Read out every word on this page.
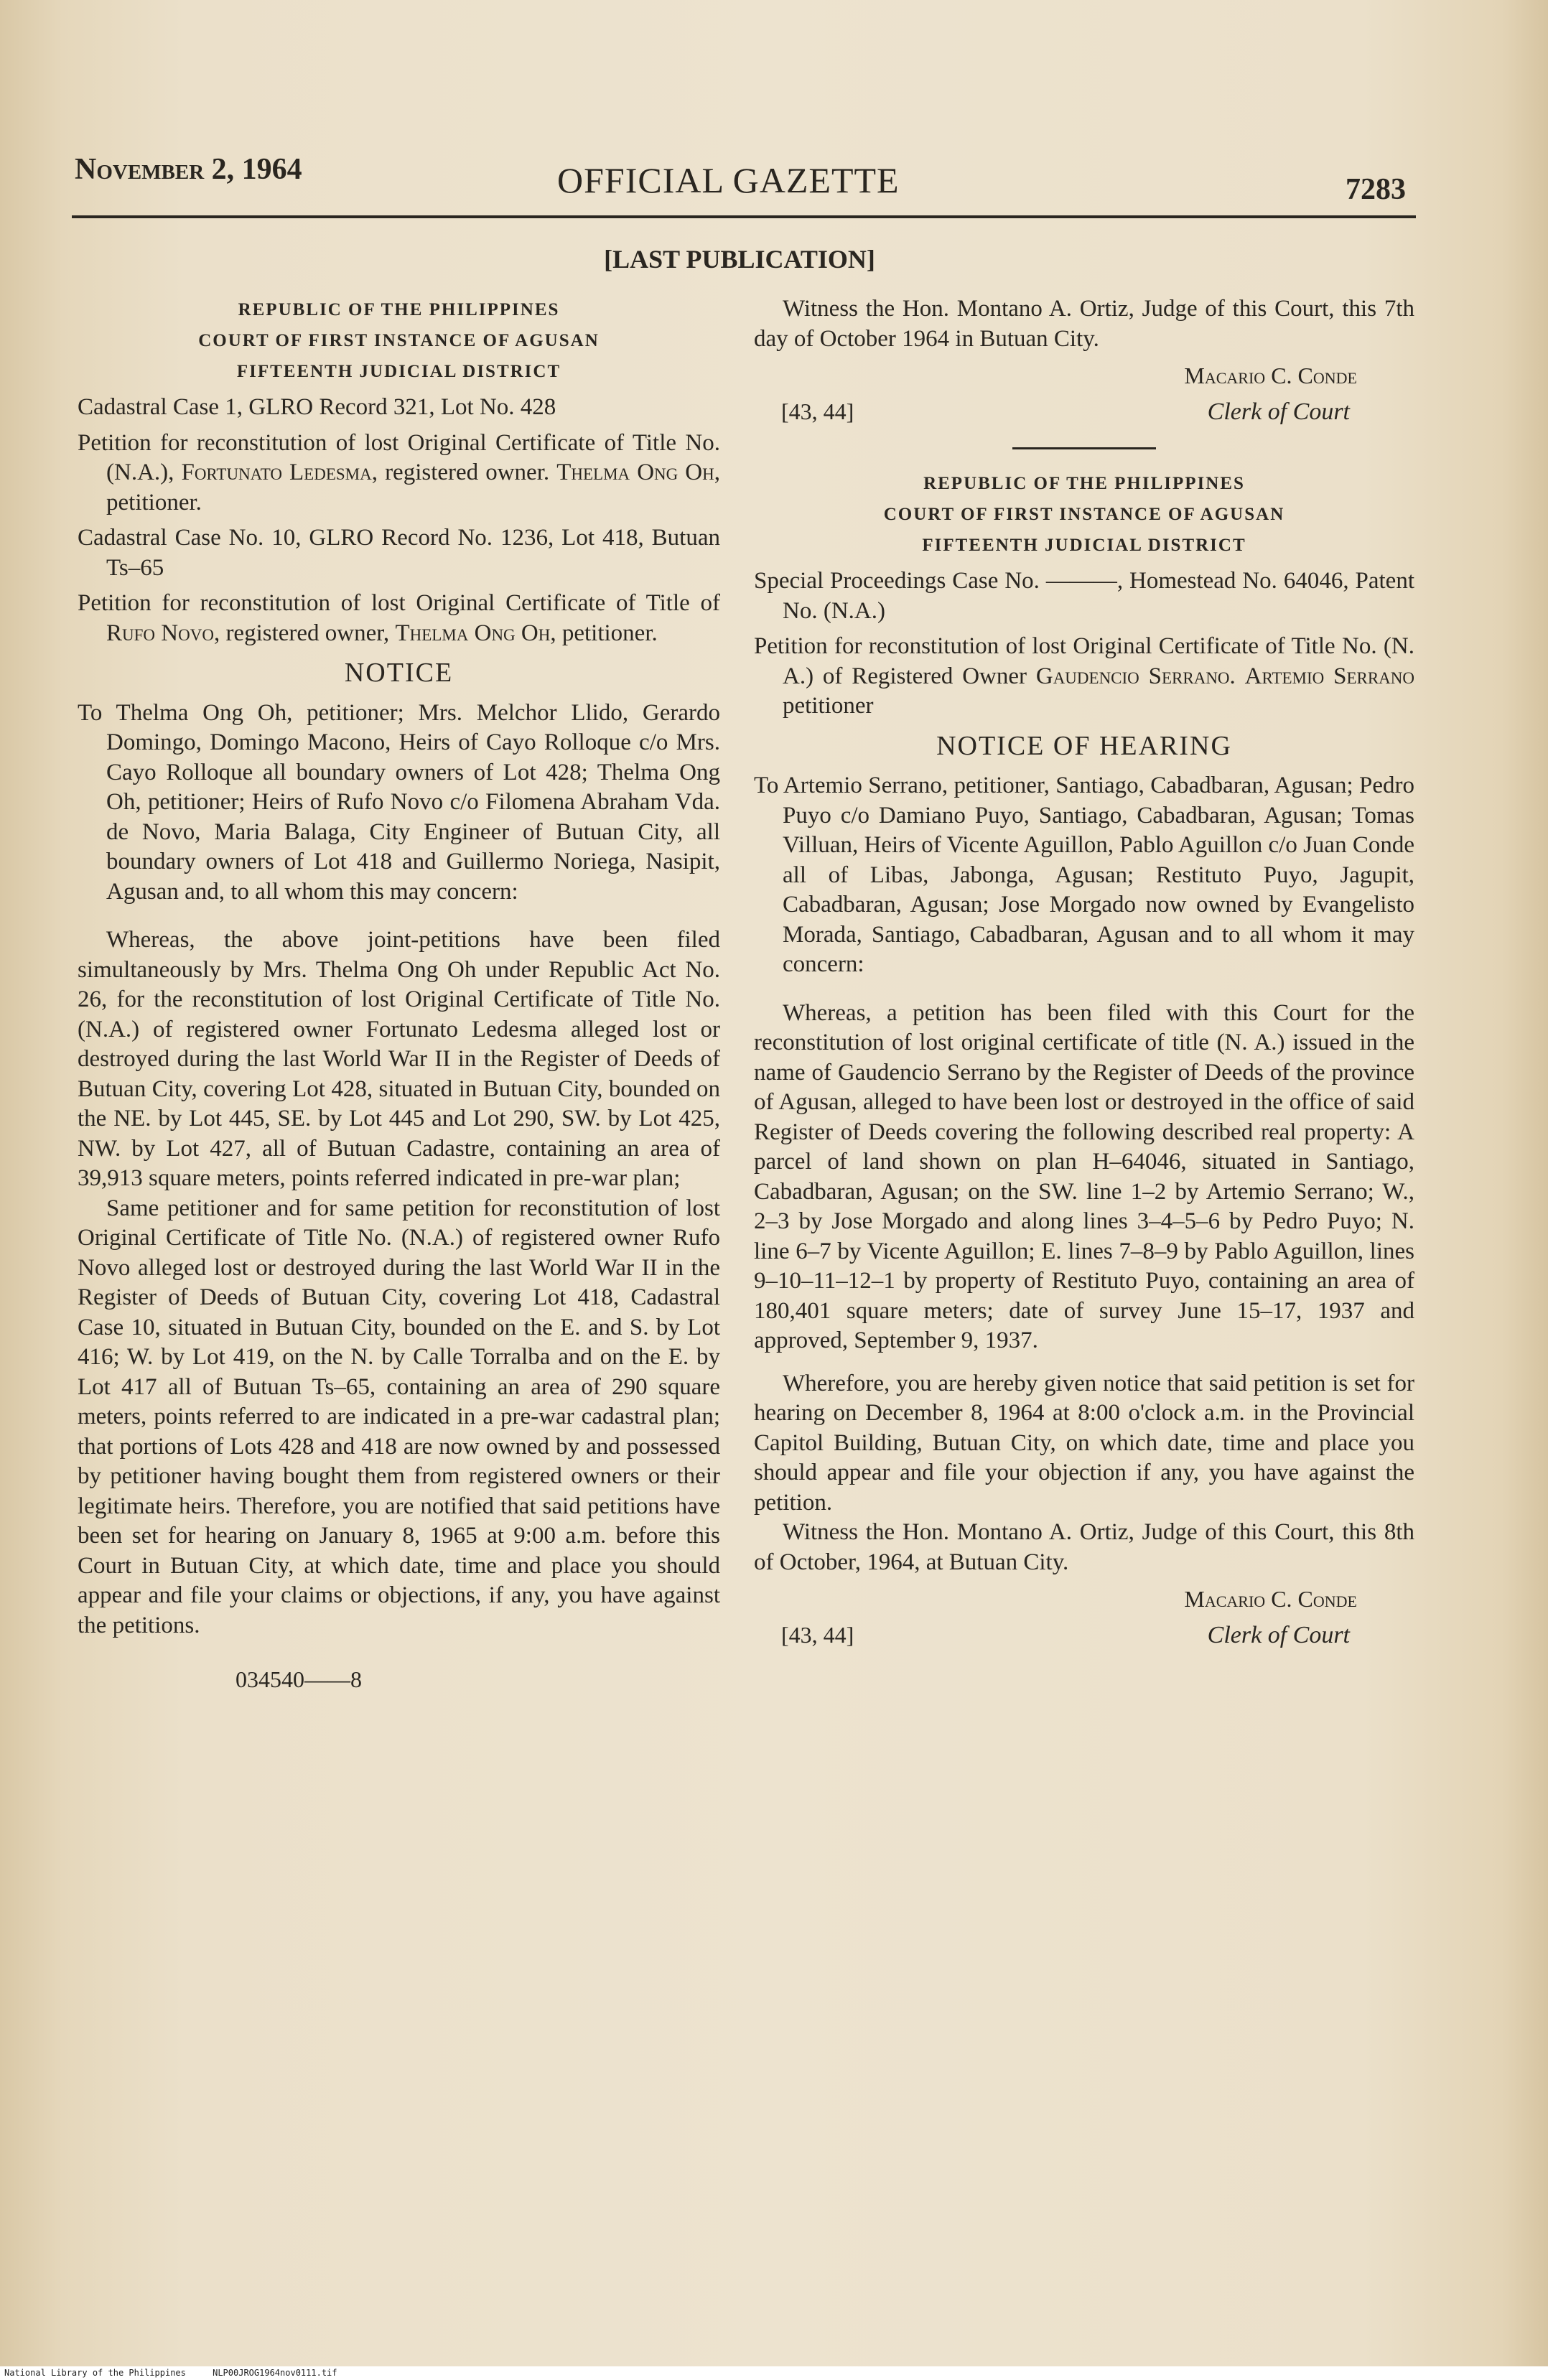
November 2, 1964	OFFICIAL GAZETTE	7283
[LAST PUBLICATION]
REPUBLIC OF THE PHILIPPINES
COURT OF FIRST INSTANCE OF AGUSAN
FIFTEENTH JUDICIAL DISTRICT
Cadastral Case 1, GLRO Record 321, Lot No. 428
Petition for reconstitution of lost Original Certificate of Title No. (N.A.), Fortunato Ledesma, registered owner. Thelma Ong Oh, petitioner.
Cadastral Case No. 10, GLRO Record No. 1236, Lot 418, Butuan Ts–65
Petition for reconstitution of lost Original Certificate of Title of Rufo Novo, registered owner, Thelma Ong Oh, petitioner.
NOTICE
To Thelma Ong Oh, petitioner; Mrs. Melchor Llido, Gerardo Domingo, Domingo Macono, Heirs of Cayo Rolloque c/o Mrs. Cayo Rolloque all boundary owners of Lot 428; Thelma Ong Oh, petitioner; Heirs of Rufo Novo c/o Filomena Abraham Vda. de Novo, Maria Balaga, City Engineer of Butuan City, all boundary owners of Lot 418 and Guillermo Noriega, Nasipit, Agusan and, to all whom this may concern:

Whereas, the above joint-petitions have been filed simultaneously by Mrs. Thelma Ong Oh under Republic Act No. 26, for the reconstitution of lost Original Certificate of Title No. (N.A.) of registered owner Fortunato Ledesma alleged lost or destroyed during the last World War II in the Register of Deeds of Butuan City, covering Lot 428, situated in Butuan City, bounded on the NE. by Lot 445, SE. by Lot 445 and Lot 290, SW. by Lot 425, NW. by Lot 427, all of Butuan Cadastre, containing an area of 39,913 square meters, points referred indicated in pre-war plan;

Same petitioner and for same petition for reconstitution of lost Original Certificate of Title No. (N.A.) of registered owner Rufo Novo alleged lost or destroyed during the last World War II in the Register of Deeds of Butuan City, covering Lot 418, Cadastral Case 10, situated in Butuan City, bounded on the E. and S. by Lot 416; W. by Lot 419, on the N. by Calle Torralba and on the E. by Lot 417 all of Butuan Ts–65, containing an area of 290 square meters, points referred to are indicated in a pre-war cadastral plan; that portions of Lots 428 and 418 are now owned by and possessed by petitioner having bought them from registered owners or their legitimate heirs. Therefore, you are notified that said petitions have been set for hearing on January 8, 1965 at 9:00 a.m. before this Court in Butuan City, at which date, time and place you should appear and file your claims or objections, if any, you have against the petitions.

034540——8

Witness the Hon. Montano A. Ortiz, Judge of this Court, this 7th day of October 1964 in Butuan City.

Macario C. Conde
[43, 44]	Clerk of Court
REPUBLIC OF THE PHILIPPINES
COURT OF FIRST INSTANCE OF AGUSAN
FIFTEENTH JUDICIAL DISTRICT
Special Proceedings Case No. ———, Homestead No. 64046, Patent No. (N.A.)
Petition for reconstitution of lost Original Certificate of Title No. (N. A.) of Registered Owner Gaudencio Serrano. Artemio Serrano petitioner
NOTICE OF HEARING
To Artemio Serrano, petitioner, Santiago, Cabadbaran, Agusan; Pedro Puyo c/o Damiano Puyo, Santiago, Cabadbaran, Agusan; Tomas Villuan, Heirs of Vicente Aguillon, Pablo Aguillon c/o Juan Conde all of Libas, Jabonga, Agusan; Restituto Puyo, Jagupit, Cabadbaran, Agusan; Jose Morgado now owned by Evangelisto Morada, Santiago, Cabadbaran, Agusan and to all whom it may concern:

Whereas, a petition has been filed with this Court for the reconstitution of lost original certificate of title (N. A.) issued in the name of Gaudencio Serrano by the Register of Deeds of the province of Agusan, alleged to have been lost or destroyed in the office of said Register of Deeds covering the following described real property: A parcel of land shown on plan H–64046, situated in Santiago, Cabadbaran, Agusan; on the SW. line 1–2 by Artemio Serrano; W., 2–3 by Jose Morgado and along lines 3–4–5–6 by Pedro Puyo; N. line 6–7 by Vicente Aguillon; E. lines 7–8–9 by Pablo Aguillon, lines 9–10–11–12–1 by property of Restituto Puyo, containing an area of 180,401 square meters; date of survey June 15–17, 1937 and approved, September 9, 1937.

Wherefore, you are hereby given notice that said petition is set for hearing on December 8, 1964 at 8:00 o'clock a.m. in the Provincial Capitol Building, Butuan City, on which date, time and place you should appear and file your objection if any, you have against the petition.

Witness the Hon. Montano A. Ortiz, Judge of this Court, this 8th of October, 1964, at Butuan City.

Macario C. Conde
[43, 44]	Clerk of Court
National Library of the Philippines	NLP00JROG1964nov0111.tif
